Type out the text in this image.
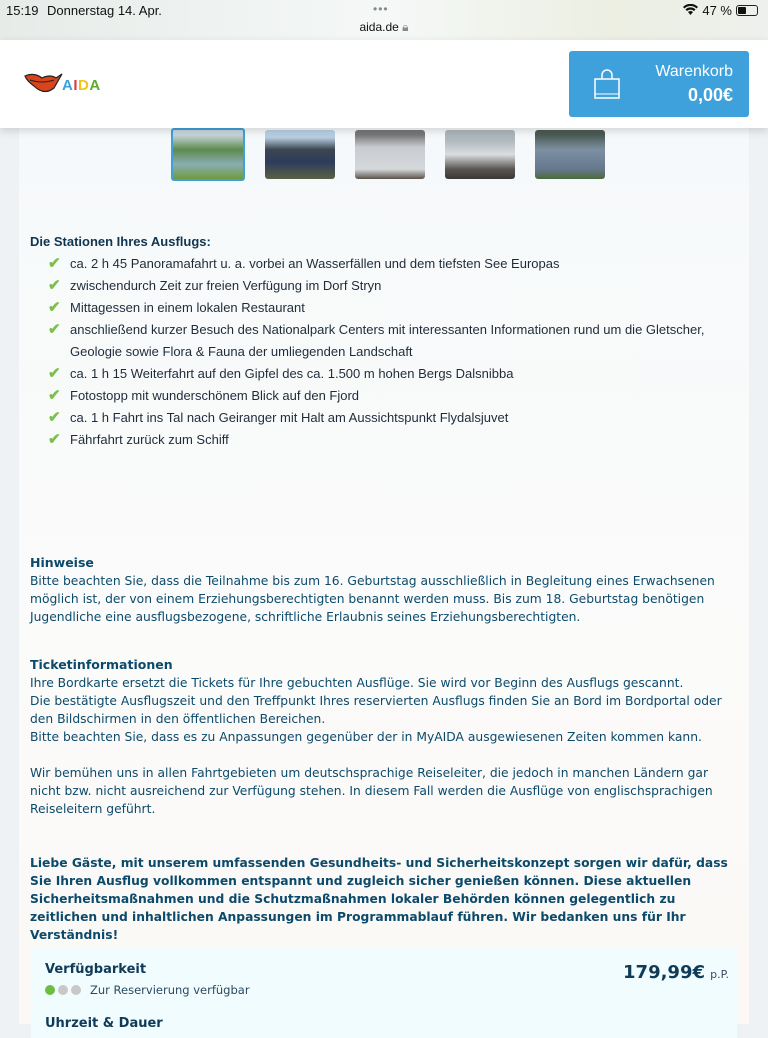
15:19 Donnerstag 14. Apr.	•••
aida.de 🔒︎
47 %
AIDA
Warenkorb
0,00€
Die Stationen Ihres Ausflugs:
✔ ca. 2 h 45 Panoramafahrt u. a. vorbei an Wasserfällen und dem tiefsten See Europas
✔ zwischendurch Zeit zur freien Verfügung im Dorf Stryn
✔ Mittagessen in einem lokalen Restaurant
✔ anschließend kurzer Besuch des Nationalpark Centers mit interessanten Informationen rund um die Gletscher, Geologie sowie Flora & Fauna der umliegenden Landschaft
✔ ca. 1 h 15 Weiterfahrt auf den Gipfel des ca. 1.500 m hohen Bergs Dalsnibba
✔ Fotostopp mit wunderschönem Blick auf den Fjord
✔ ca. 1 h Fahrt ins Tal nach Geiranger mit Halt am Aussichtspunkt Flydalsjuvet
✔ Fährfahrt zurück zum Schiff
Hinweise

Bitte beachten Sie, dass die Teilnahme bis zum 16. Geburtstag ausschließlich in Begleitung eines Erwachsenen möglich ist, der von einem Erziehungsberechtigten benannt werden muss. Bis zum 18. Geburtstag benötigen Jugendliche eine ausflugsbezogene, schriftliche Erlaubnis seines Erziehungsberechtigten.

Ticketinformationen

Ihre Bordkarte ersetzt die Tickets für Ihre gebuchten Ausflüge. Sie wird vor Beginn des Ausflugs gescannt.

Die bestätigte Ausflugszeit und den Treffpunkt Ihres reservierten Ausflugs finden Sie an Bord im Bordportal oder den Bildschirmen in den öffentlichen Bereichen.

Bitte beachten Sie, dass es zu Anpassungen gegenüber der in MyAIDA ausgewiesenen Zeiten kommen kann.

Wir bemühen uns in allen Fahrtgebieten um deutschsprachige Reiseleiter, die jedoch in manchen Ländern gar nicht bzw. nicht ausreichend zur Verfügung stehen. In diesem Fall werden die Ausflüge von englischsprachigen Reiseleitern geführt.

Liebe Gäste, mit unserem umfassenden Gesundheits- und Sicherheitskonzept sorgen wir dafür, dass Sie Ihren Ausflug vollkommen entspannt und zugleich sicher genießen können. Diese aktuellen Sicherheitsmaßnahmen und die Schutzmaßnahmen lokaler Behörden können gelegentlich zu zeitlichen und inhaltlichen Anpassungen im Programmablauf führen. Wir bedanken uns für Ihr Verständnis!
Verfügbarkeit
Zur Reservierung verfügbar
179,99€ p.P.
Uhrzeit & Dauer
